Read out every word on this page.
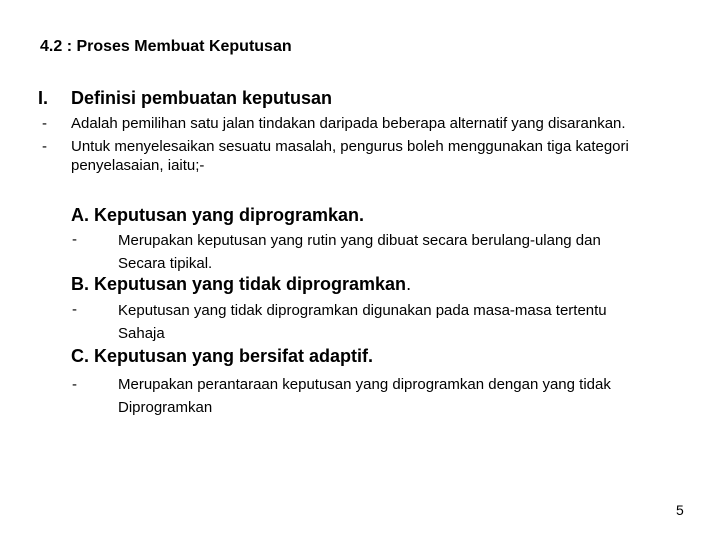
4.2 : Proses Membuat Keputusan
I. Definisi pembuatan keputusan
- Adalah pemilihan satu jalan tindakan daripada beberapa alternatif yang disarankan.
- Untuk menyelesaikan sesuatu masalah, pengurus boleh menggunakan tiga kategori
penyelasaian, iaitu;-
A. Keputusan yang diprogramkan.
-	Merupakan keputusan yang rutin yang dibuat secara berulang-ulang dan
Secara tipikal.
B. Keputusan yang tidak diprogramkan.
-	Keputusan yang tidak diprogramkan digunakan pada masa-masa tertentu
Sahaja
C. Keputusan yang bersifat adaptif.
-	Merupakan perantaraan keputusan yang diprogramkan dengan yang tidak
Diprogramkan
5
